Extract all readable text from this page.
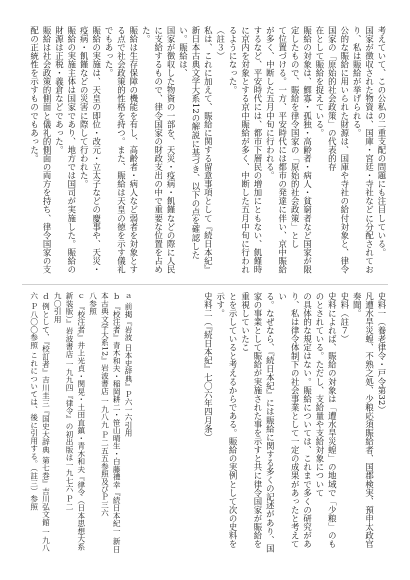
考えていて、この公私の二重支配の問題にも注目している。
国家が徴収された物資は、国庫・宮廷・寺社などに分配されており、私は賑給が挙げられる。
公的な賑給に用いられた財源は、国庫や寺社の給付対象と、律令国家の「原始的社会政策」の代表的存
在として賑給を捉えている。
賑給の対象は、鰥寡・孤独・高齢者・病人・貧窮者など国家が限定したもので、賑給を律令国家の「原始的社会政策」とし
て位置づける。一方、平安時代には都市の発達に伴い、京中賑給が多く、中断した五月中旬に行われる。
するなど、平安時代には、都市下層民の増加にともない、飢饉時に京内を対象とする京中賑給が多く、中断した五月中旬に行われるようになった。
（註３）
私は、これに加えて、賑給に関する留意事項として『続日本紀』新日本古典文学大系12の解説に基づき、以下の点を確認したい。賑給は、
国家が徴収した物資の一部を、天災・疫病・飢饉などの際に人民に支給するもので、律令国家の財政支出の中で重要な位置を占めた。
賑給は生存保障の機能を有し、高齢者・病人など弱者を対象とする点で社会政策的性格を持つ。また、賑給は天皇の徳を示す儀礼でもあった。
賑給の実施は、天皇の即位・改元・立太子などの慶事や、天災・疫病・飢饉などの災害に際して行われた。
賑給の実施主体は国家であり、地方では国司が実施した。賑給の財源は正税・義倉などであった。
賑給は社会政策的側面と儀礼的側面の両方を持ち、律令国家の支配の正統性を示すものでもあった。
史料一（養老律令・戸令第32）
凡遭水旱災蝗、不熟之処、少粮応須賑給者、国郡検実、預申太政官奏聞。
史料（註７）
史料によれば、賑給の対象は「遭水旱災蝗」の地域で「少粮」のものとされている。ただし、支給量や支給対象について
の具体的な規定はない。賑給については、これまで多くの研究があり、私は律令体制下の社会事業として一定の成果があったと考えてい
る。なぜなら、『続日本紀』には賑給に関する多くの記述があり、国家の事業として賑給が実施された事を示すと共に律令国家が賑給を重視していたこ
とを示していると考えるからである。賑給の実例として次の史料を示す。
史料二（『続日本紀』七〇六年四月条）
ａ 前掲『岩波 日本史辞典』Ｐ六一六引用
ｂ 『校注者』青木和夫・稲岡耕二・笹山晴生・白藤禮幸『続日本紀一 新日本古典文学大系12』岩波書店 一九八九 Ｐ二五五参照及びＰ三六
八参照
ｃ 『校注者』井上光貞・関晃・土田直鎮・青木和夫『律令（日本思想大系新装版）』岩波書店 一九九四『律令』の初出版は一九七六 Ｐ二
九〇引用
ｄ 例として、『校訂者』吉川圭三『国史大辞典 第七巻』吉川弘文館 一九八六 Ｐ八〇〇参照 これについては、後に引用する。（註三）参照
